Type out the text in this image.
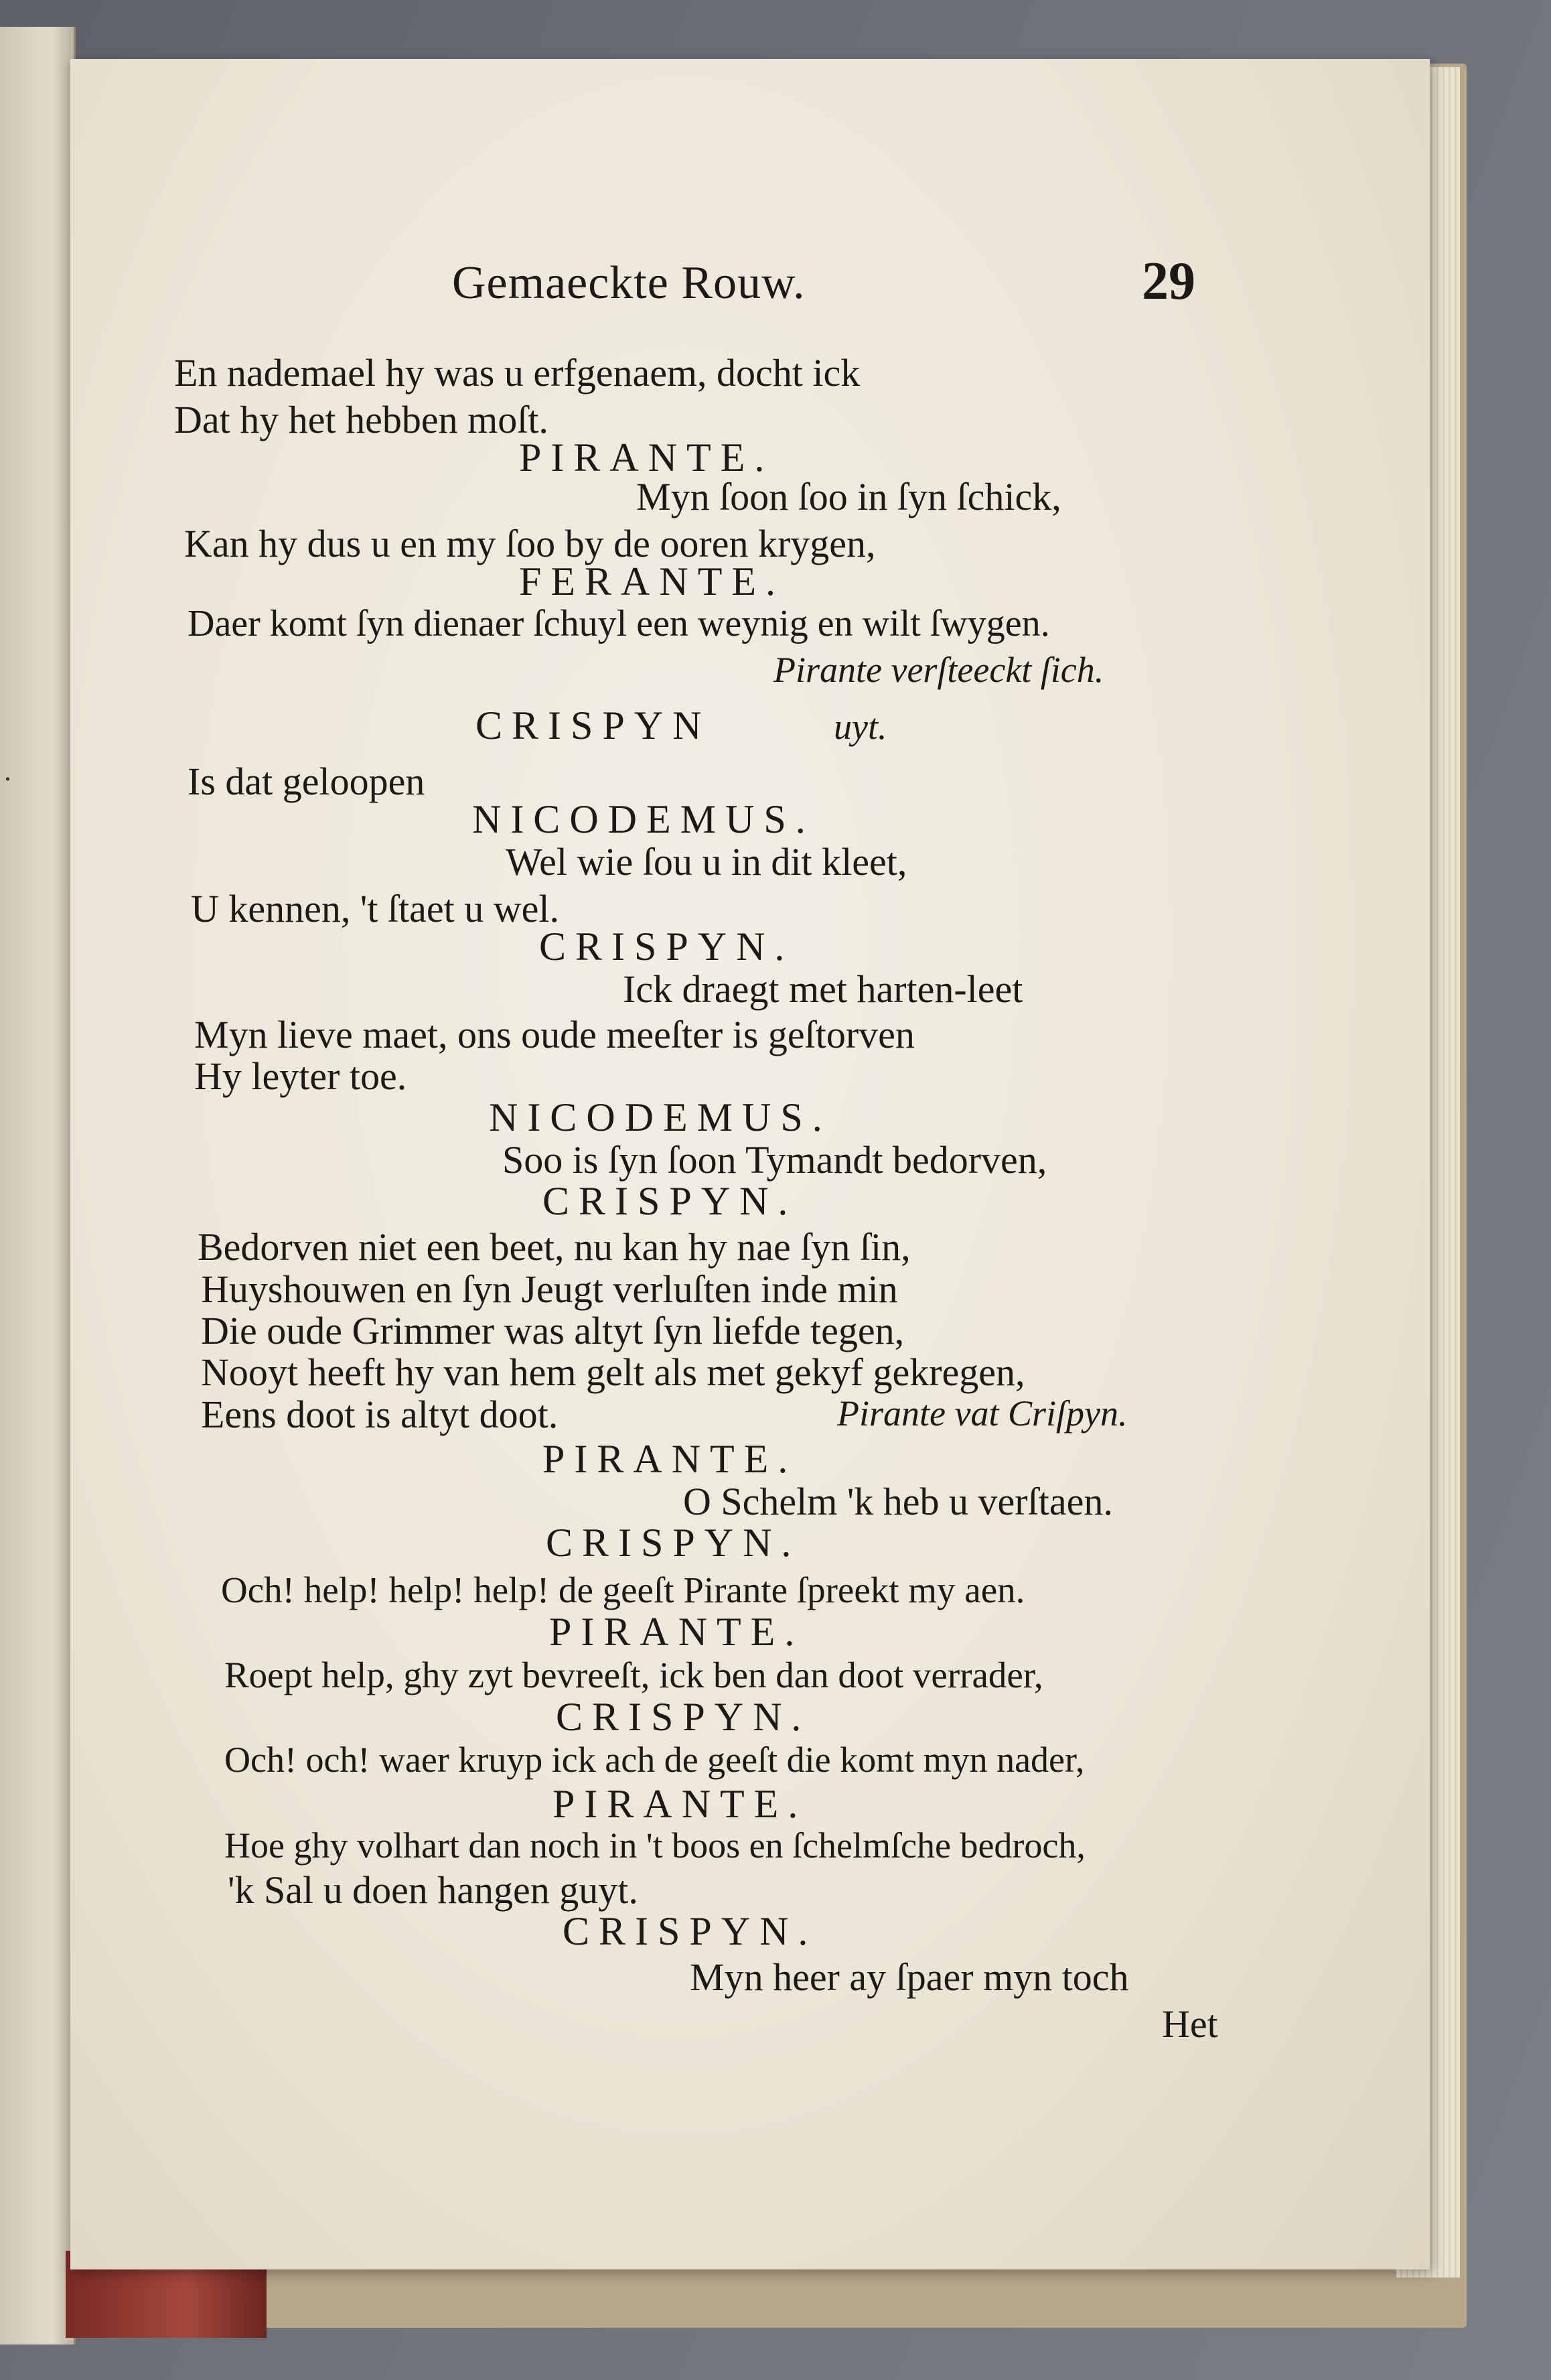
.
Gemaeckte Rouw.	29
En nademael hy was u erfgenaem, docht ick
Dat hy het hebben moſt.
PIRANTE.
Myn ſoon ſoo in ſyn ſchick,
Kan hy dus u en my ſoo by de ooren krygen,
FERANTE.
Daer komt ſyn dienaer ſchuyl een weynig en wilt ſwygen.
Pirante verſteeckt ſich.
CRISPYN	uyt.
Is dat geloopen
NICODEMUS.
Wel wie ſou u in dit kleet,
U kennen, 't ſtaet u wel.
CRISPYN.
Ick draegt met harten-leet
Myn lieve maet, ons oude meeſter is geſtorven
Hy leyter toe.
NICODEMUS.
Soo is ſyn ſoon Tymandt bedorven,
CRISPYN.
Bedorven niet een beet, nu kan hy nae ſyn ſin,
Huyshouwen en ſyn Jeugt verluſten inde min
Die oude Grimmer was altyt ſyn liefde tegen,
Nooyt heeft hy van hem gelt als met gekyf gekregen,
Eens doot is altyt doot.	Pirante vat Criſpyn.
PIRANTE.
O Schelm 'k heb u verſtaen.
CRISPYN.
Och! help! help! help! de geeſt Pirante ſpreekt my aen.
PIRANTE.
Roept help, ghy zyt bevreeſt, ick ben dan doot verrader,
CRISPYN.
Och! och! waer kruyp ick ach de geeſt die komt myn nader,
PIRANTE.
Hoe ghy volhart dan noch in 't boos en ſchelmſche bedroch,
'k Sal u doen hangen guyt.
CRISPYN.
Myn heer ay ſpaer myn toch
Het
